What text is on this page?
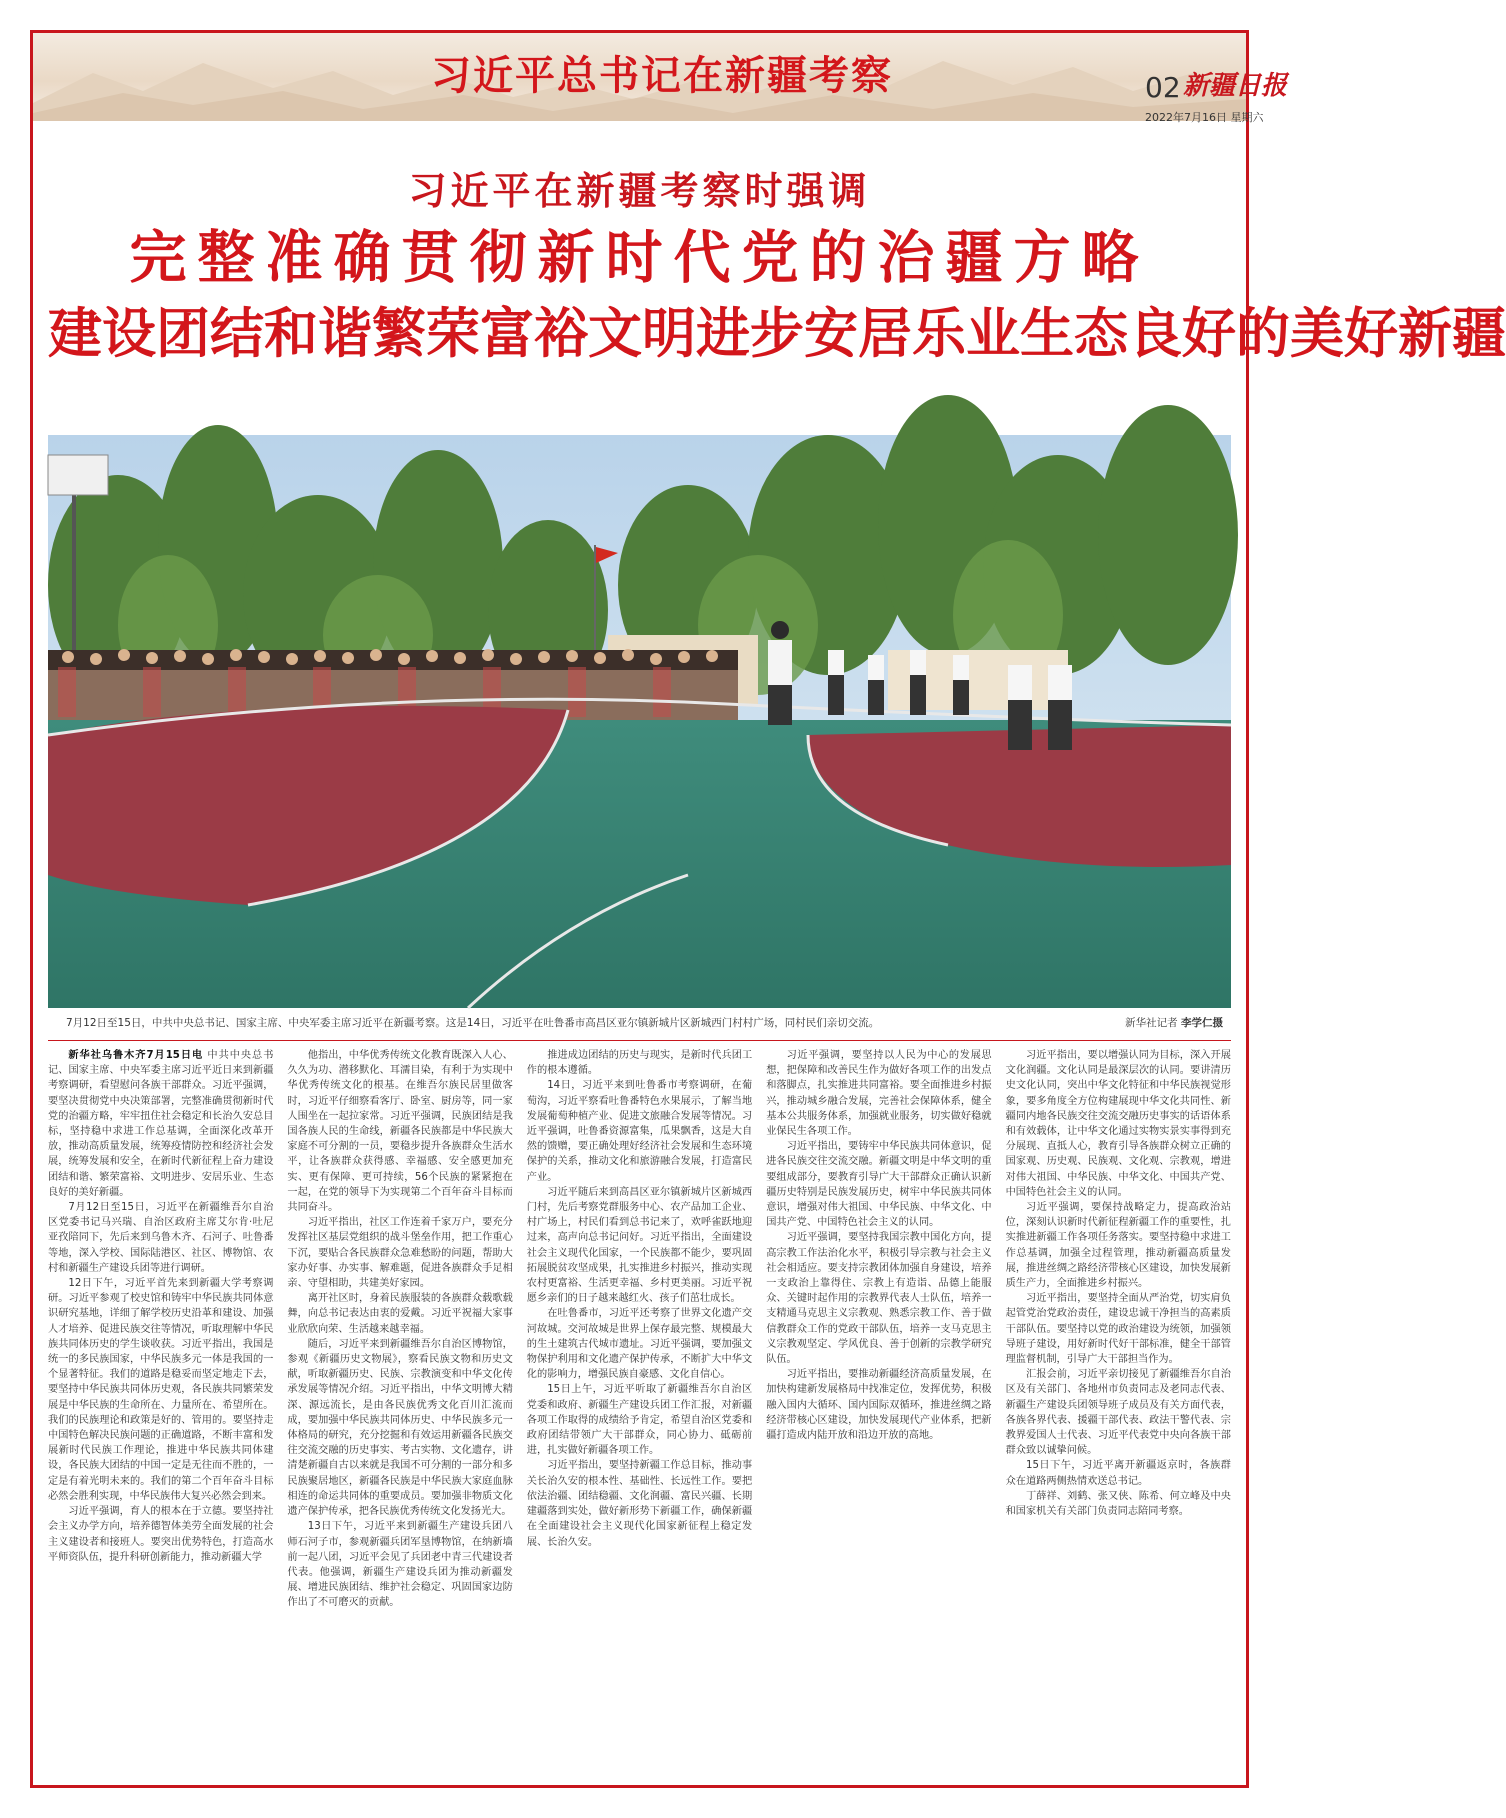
习近平总书记在新疆考察	02 新疆日报
2022年7月16日 星期六
习近平在新疆考察时强调
完整准确贯彻新时代党的治疆方略
建设团结和谐繁荣富裕文明进步安居乐业生态良好的美好新疆
7月12日至15日，中共中央总书记、国家主席、中央军委主席习近平在新疆考察。这是14日，习近平在吐鲁番市高昌区亚尔镇新城片区新城西门村村广场，同村民们亲切交流。	新华社记者 李学仁摄

新华社乌鲁木齐7月15日电 中共中央总书记、国家主席、中央军委主席习近平近日来到新疆考察调研，看望慰问各族干部群众。习近平强调，要坚决贯彻党中央决策部署，完整准确贯彻新时代党的治疆方略，牢牢扭住社会稳定和长治久安总目标，坚持稳中求进工作总基调，全面深化改革开放，推动高质量发展，统筹疫情防控和经济社会发展，统筹发展和安全，在新时代新征程上奋力建设团结和谐、繁荣富裕、文明进步、安居乐业、生态良好的美好新疆。

7月12日至15日，习近平在新疆维吾尔自治区党委书记马兴瑞、自治区政府主席艾尔肯·吐尼亚孜陪同下，先后来到乌鲁木齐、石河子、吐鲁番等地，深入学校、国际陆港区、社区、博物馆、农村和新疆生产建设兵团等进行调研。

12日下午，习近平首先来到新疆大学考察调研。习近平参观了校史馆和铸牢中华民族共同体意识研究基地，详细了解学校历史沿革和建设、加强人才培养、促进民族交往等情况，听取理解中华民族共同体历史的学生谈收获。习近平指出，我国是统一的多民族国家，中华民族多元一体是我国的一个显著特征。我们的道路是稳妥而坚定地走下去，要坚持中华民族共同体历史观，各民族共同繁荣发展是中华民族的生命所在、力量所在、希望所在。我们的民族理论和政策是好的、管用的。要坚持走中国特色解决民族问题的正确道路，不断丰富和发展新时代民族工作理论，推进中华民族共同体建设，各民族大团结的中国一定是无往而不胜的，一定是有着光明未来的。我们的第二个百年奋斗目标必然会胜利实现，中华民族伟大复兴必然会到来。

习近平强调，育人的根本在于立德。要坚持社会主义办学方向，培养德智体美劳全面发展的社会主义建设者和接班人。要突出优势特色，打造高水平师资队伍，提升科研创新能力，推动新疆大学

他指出，中华优秀传统文化教育既深入人心、久久为功、潜移默化、耳濡目染，有利于为实现中华优秀传统文化的根基。在维吾尔族民居里做客时，习近平仔细察看客厅、卧室、厨房等，同一家人围坐在一起拉家常。习近平强调，民族团结是我国各族人民的生命线，新疆各民族都是中华民族大家庭不可分割的一员，要稳步提升各族群众生活水平，让各族群众获得感、幸福感、安全感更加充实、更有保障、更可持续，56个民族的紧紧抱在一起，在党的领导下为实现第二个百年奋斗目标而共同奋斗。

习近平指出，社区工作连着千家万户，要充分发挥社区基层党组织的战斗堡垒作用，把工作重心下沉，要贴合各民族群众急难愁盼的问题，帮助大家办好事、办实事、解难题，促进各族群众手足相亲、守望相助，共建美好家园。

离开社区时，身着民族服装的各族群众载歌载舞，向总书记表达由衷的爱戴。习近平祝福大家事业欣欣向荣、生活越来越幸福。

随后，习近平来到新疆维吾尔自治区博物馆，参观《新疆历史文物展》，察看民族文物和历史文献，听取新疆历史、民族、宗教演变和中华文化传承发展等情况介绍。习近平指出，中华文明博大精深、源远流长，是由各民族优秀文化百川汇流而成，要加强中华民族共同体历史、中华民族多元一体格局的研究，充分挖掘和有效运用新疆各民族交往交流交融的历史事实、考古实物、文化遗存，讲清楚新疆自古以来就是我国不可分割的一部分和多民族聚居地区，新疆各民族是中华民族大家庭血脉相连的命运共同体的重要成员。要加强非物质文化遗产保护传承，把各民族优秀传统文化发扬光大。

13日下午，习近平来到新疆生产建设兵团八师石河子市，参观新疆兵团军垦博物馆，在纳新墙前一起八团，习近平会见了兵团老中青三代建设者代表。他强调，新疆生产建设兵团为推动新疆发展、增进民族团结、维护社会稳定、巩固国家边防作出了不可磨灭的贡献。

推进成边团结的历史与现实，是新时代兵团工作的根本遵循。

14日，习近平来到吐鲁番市考察调研，在葡萄沟，习近平察看吐鲁番特色水果展示，了解当地发展葡萄种植产业、促进文旅融合发展等情况。习近平强调，吐鲁番资源富集，瓜果飘香，这是大自然的馈赠，要正确处理好经济社会发展和生态环境保护的关系，推动文化和旅游融合发展，打造富民产业。

习近平随后来到高昌区亚尔镇新城片区新城西门村，先后考察党群服务中心、农产品加工企业、村广场上，村民们看到总书记来了，欢呼雀跃地迎过来，高声向总书记问好。习近平指出，全面建设社会主义现代化国家，一个民族都不能少，要巩固拓展脱贫攻坚成果，扎实推进乡村振兴，推动实现农村更富裕、生活更幸福、乡村更美丽。习近平祝愿乡亲们的日子越来越红火、孩子们茁壮成长。

在吐鲁番市，习近平还考察了世界文化遗产交河故城。交河故城是世界上保存最完整、规模最大的生土建筑古代城市遗址。习近平强调，要加强文物保护利用和文化遗产保护传承，不断扩大中华文化的影响力，增强民族自豪感、文化自信心。

15日上午，习近平听取了新疆维吾尔自治区党委和政府、新疆生产建设兵团工作汇报，对新疆各项工作取得的成绩给予肯定，希望自治区党委和政府团结带领广大干部群众，同心协力、砥砺前进，扎实做好新疆各项工作。

习近平指出，要坚持新疆工作总目标，推动事关长治久安的根本性、基础性、长远性工作。要把依法治疆、团结稳疆、文化润疆、富民兴疆、长期建疆落到实处，做好新形势下新疆工作，确保新疆在全面建设社会主义现代化国家新征程上稳定发展、长治久安。

习近平强调，要坚持以人民为中心的发展思想，把保障和改善民生作为做好各项工作的出发点和落脚点，扎实推进共同富裕。要全面推进乡村振兴，推动城乡融合发展，完善社会保障体系，健全基本公共服务体系，加强就业服务，切实做好稳就业保民生各项工作。

习近平指出，要铸牢中华民族共同体意识，促进各民族交往交流交融。新疆文明是中华文明的重要组成部分，要教育引导广大干部群众正确认识新疆历史特别是民族发展历史，树牢中华民族共同体意识，增强对伟大祖国、中华民族、中华文化、中国共产党、中国特色社会主义的认同。

习近平强调，要坚持我国宗教中国化方向，提高宗教工作法治化水平，积极引导宗教与社会主义社会相适应。要支持宗教团体加强自身建设，培养一支政治上靠得住、宗教上有造诣、品德上能服众、关键时起作用的宗教界代表人士队伍，培养一支精通马克思主义宗教观、熟悉宗教工作、善于做信教群众工作的党政干部队伍，培养一支马克思主义宗教观坚定、学风优良、善于创新的宗教学研究队伍。

习近平指出，要推动新疆经济高质量发展，在加快构建新发展格局中找准定位，发挥优势，积极融入国内大循环、国内国际双循环，推进丝绸之路经济带核心区建设，加快发展现代产业体系，把新疆打造成内陆开放和沿边开放的高地。

习近平指出，要以增强认同为目标，深入开展文化润疆。文化认同是最深层次的认同。要讲清历史文化认同，突出中华文化特征和中华民族视觉形象，要多角度全方位构建展现中华文化共同性、新疆同内地各民族交往交流交融历史事实的话语体系和有效载体，让中华文化通过实物实景实事得到充分展现、直抵人心，教育引导各族群众树立正确的国家观、历史观、民族观、文化观、宗教观，增进对伟大祖国、中华民族、中华文化、中国共产党、中国特色社会主义的认同。

习近平强调，要保持战略定力，提高政治站位，深刻认识新时代新征程新疆工作的重要性，扎实推进新疆工作各项任务落实。要坚持稳中求进工作总基调，加强全过程管理，推动新疆高质量发展，推进丝绸之路经济带核心区建设，加快发展新质生产力，全面推进乡村振兴。

习近平指出，要坚持全面从严治党，切实肩负起管党治党政治责任，建设忠诚干净担当的高素质干部队伍。要坚持以党的政治建设为统领，加强领导班子建设，用好新时代好干部标准，健全干部管理监督机制，引导广大干部担当作为。

汇报会前，习近平亲切接见了新疆维吾尔自治区及有关部门、各地州市负责同志及老同志代表、新疆生产建设兵团领导班子成员及有关方面代表，各族各界代表、援疆干部代表、政法干警代表、宗教界爱国人士代表、习近平代表党中央向各族干部群众致以诚挚问候。

15日下午，习近平离开新疆返京时，各族群众在道路两侧热情欢送总书记。

丁薛祥、刘鹤、张又侠、陈希、何立峰及中央和国家机关有关部门负责同志陪同考察。
